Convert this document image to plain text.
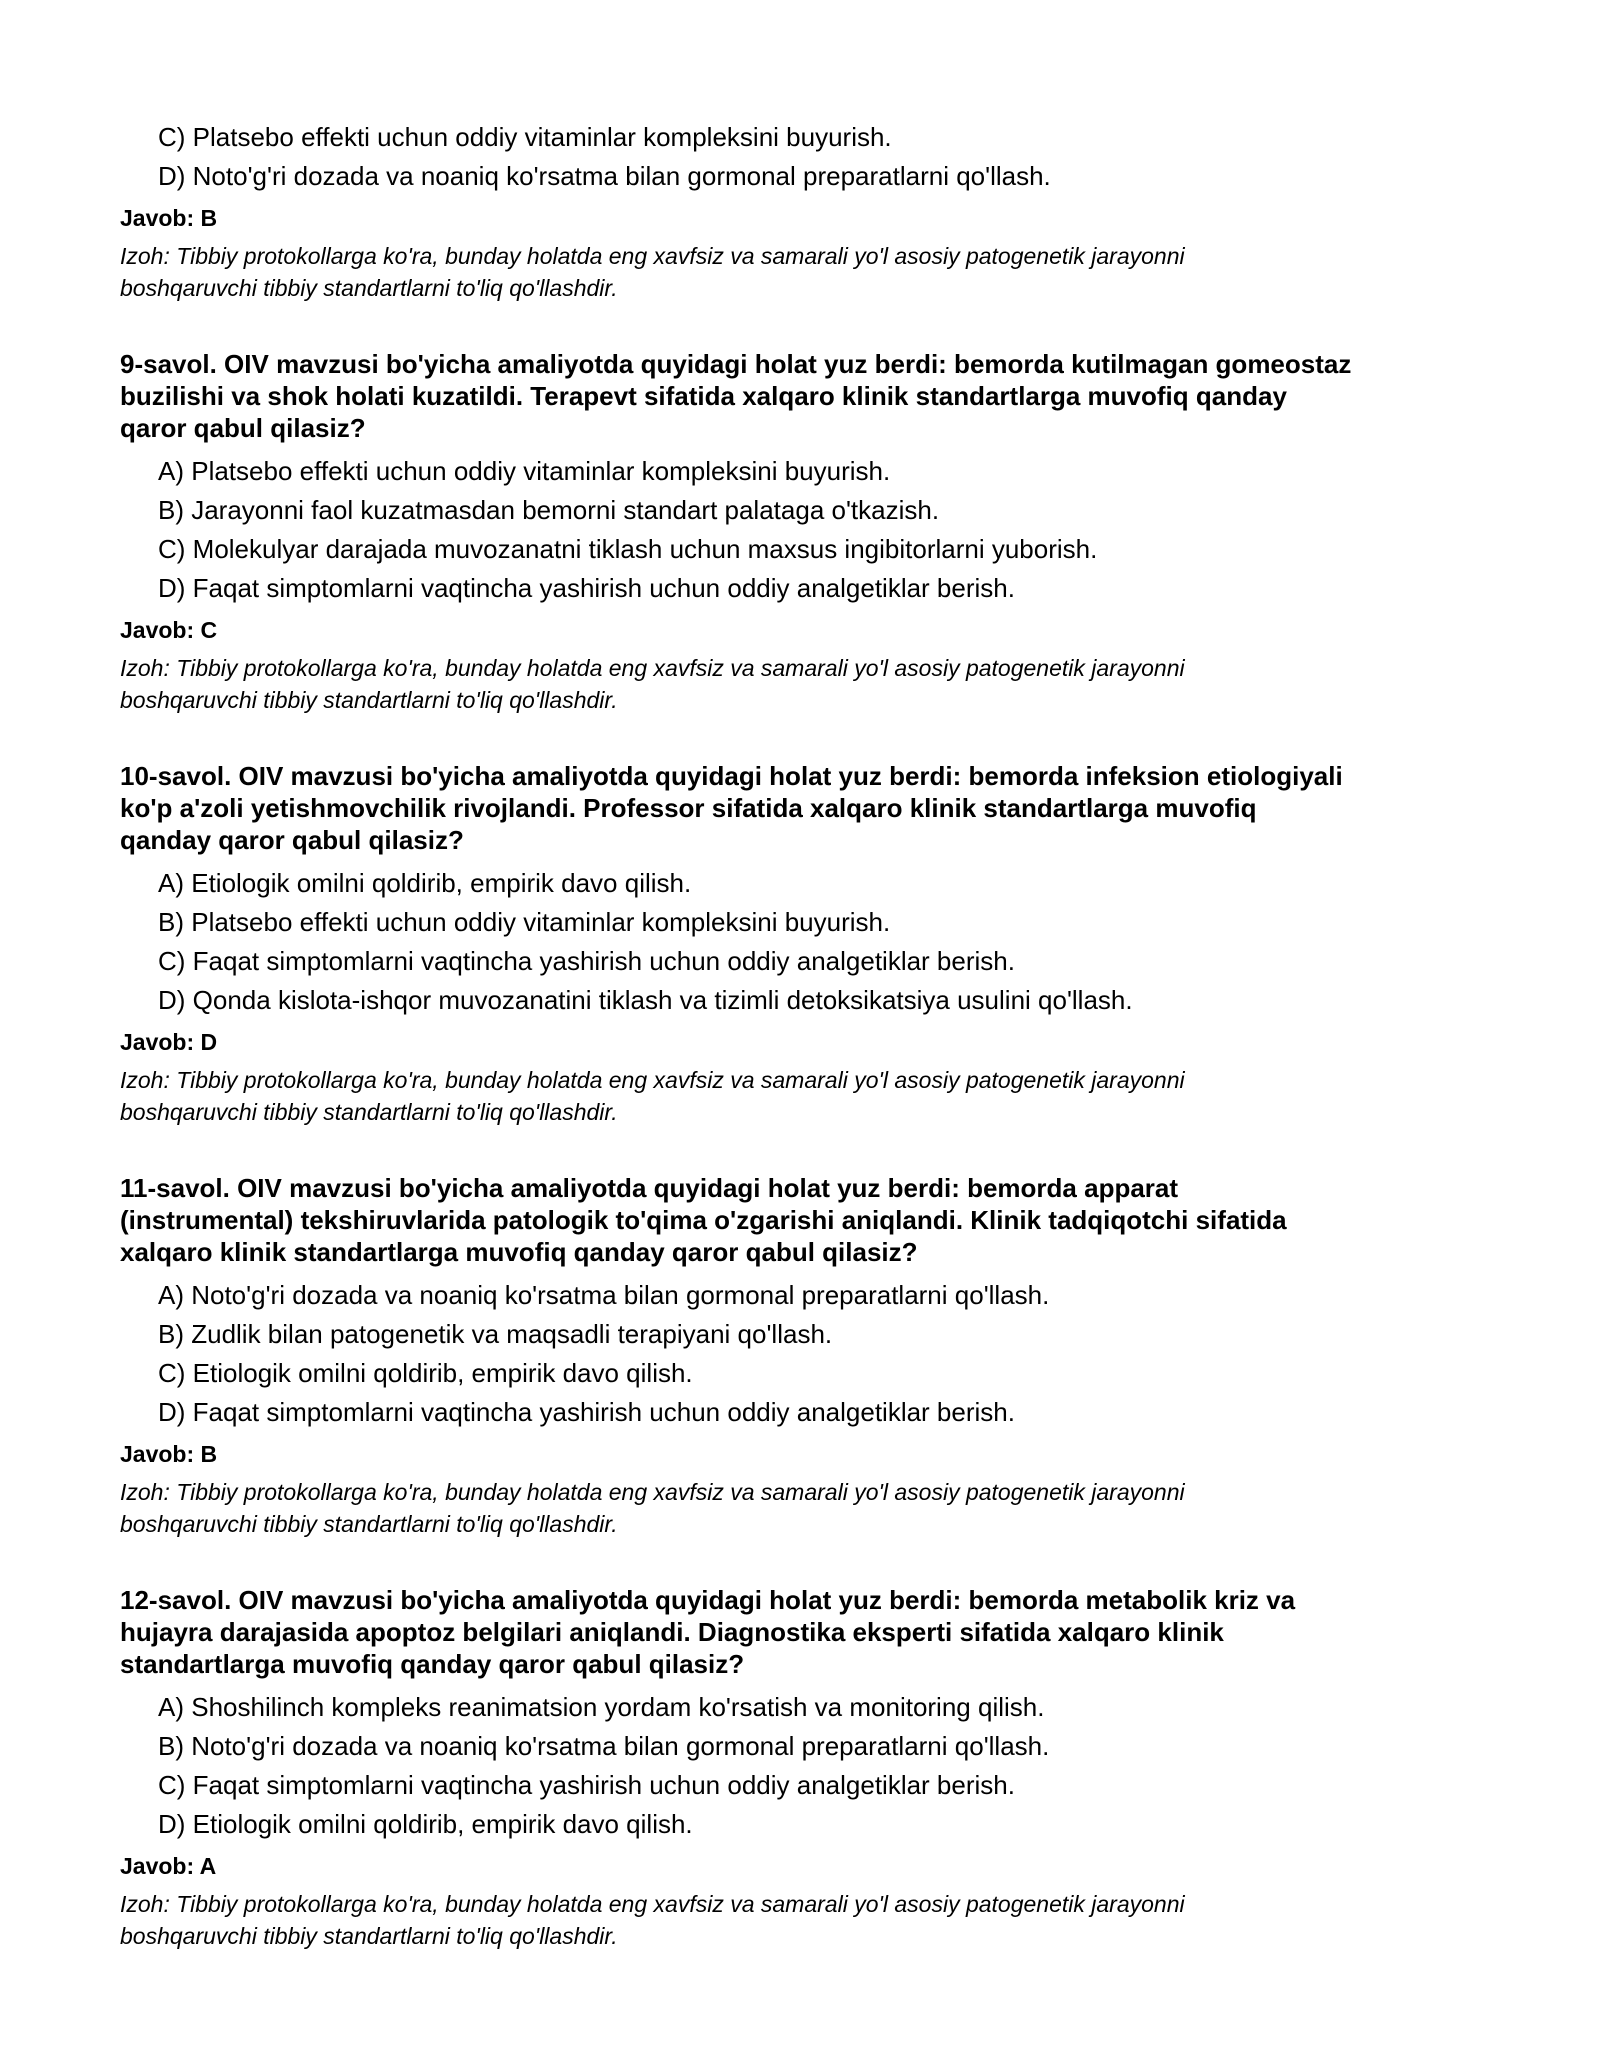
C) Platsebo effekti uchun oddiy vitaminlar kompleksini buyurish.
D) Noto'g'ri dozada va noaniq ko'rsatma bilan gormonal preparatlarni qo'llash.
Javob: B
Izoh: Tibbiy protokollarga ko'ra, bunday holatda eng xavfsiz va samarali yo'l asosiy patogenetik jarayonni
boshqaruvchi tibbiy standartlarni to'liq qo'llashdir.
9-savol. OIV mavzusi bo'yicha amaliyotda quyidagi holat yuz berdi: bemorda kutilmagan gomeostaz
buzilishi va shok holati kuzatildi. Terapevt sifatida xalqaro klinik standartlarga muvofiq qanday
qaror qabul qilasiz?
A) Platsebo effekti uchun oddiy vitaminlar kompleksini buyurish.
B) Jarayonni faol kuzatmasdan bemorni standart palataga o'tkazish.
C) Molekulyar darajada muvozanatni tiklash uchun maxsus ingibitorlarni yuborish.
D) Faqat simptomlarni vaqtincha yashirish uchun oddiy analgetiklar berish.
Javob: C
Izoh: Tibbiy protokollarga ko'ra, bunday holatda eng xavfsiz va samarali yo'l asosiy patogenetik jarayonni
boshqaruvchi tibbiy standartlarni to'liq qo'llashdir.
10-savol. OIV mavzusi bo'yicha amaliyotda quyidagi holat yuz berdi: bemorda infeksion etiologiyali
ko'p a'zoli yetishmovchilik rivojlandi. Professor sifatida xalqaro klinik standartlarga muvofiq
qanday qaror qabul qilasiz?
A) Etiologik omilni qoldirib, empirik davo qilish.
B) Platsebo effekti uchun oddiy vitaminlar kompleksini buyurish.
C) Faqat simptomlarni vaqtincha yashirish uchun oddiy analgetiklar berish.
D) Qonda kislota-ishqor muvozanatini tiklash va tizimli detoksikatsiya usulini qo'llash.
Javob: D
Izoh: Tibbiy protokollarga ko'ra, bunday holatda eng xavfsiz va samarali yo'l asosiy patogenetik jarayonni
boshqaruvchi tibbiy standartlarni to'liq qo'llashdir.
11-savol. OIV mavzusi bo'yicha amaliyotda quyidagi holat yuz berdi: bemorda apparat
(instrumental) tekshiruvlarida patologik to'qima o'zgarishi aniqlandi. Klinik tadqiqotchi sifatida
xalqaro klinik standartlarga muvofiq qanday qaror qabul qilasiz?
A) Noto'g'ri dozada va noaniq ko'rsatma bilan gormonal preparatlarni qo'llash.
B) Zudlik bilan patogenetik va maqsadli terapiyani qo'llash.
C) Etiologik omilni qoldirib, empirik davo qilish.
D) Faqat simptomlarni vaqtincha yashirish uchun oddiy analgetiklar berish.
Javob: B
Izoh: Tibbiy protokollarga ko'ra, bunday holatda eng xavfsiz va samarali yo'l asosiy patogenetik jarayonni
boshqaruvchi tibbiy standartlarni to'liq qo'llashdir.
12-savol. OIV mavzusi bo'yicha amaliyotda quyidagi holat yuz berdi: bemorda metabolik kriz va
hujayra darajasida apoptoz belgilari aniqlandi. Diagnostika eksperti sifatida xalqaro klinik
standartlarga muvofiq qanday qaror qabul qilasiz?
A) Shoshilinch kompleks reanimatsion yordam ko'rsatish va monitoring qilish.
B) Noto'g'ri dozada va noaniq ko'rsatma bilan gormonal preparatlarni qo'llash.
C) Faqat simptomlarni vaqtincha yashirish uchun oddiy analgetiklar berish.
D) Etiologik omilni qoldirib, empirik davo qilish.
Javob: A
Izoh: Tibbiy protokollarga ko'ra, bunday holatda eng xavfsiz va samarali yo'l asosiy patogenetik jarayonni
boshqaruvchi tibbiy standartlarni to'liq qo'llashdir.
